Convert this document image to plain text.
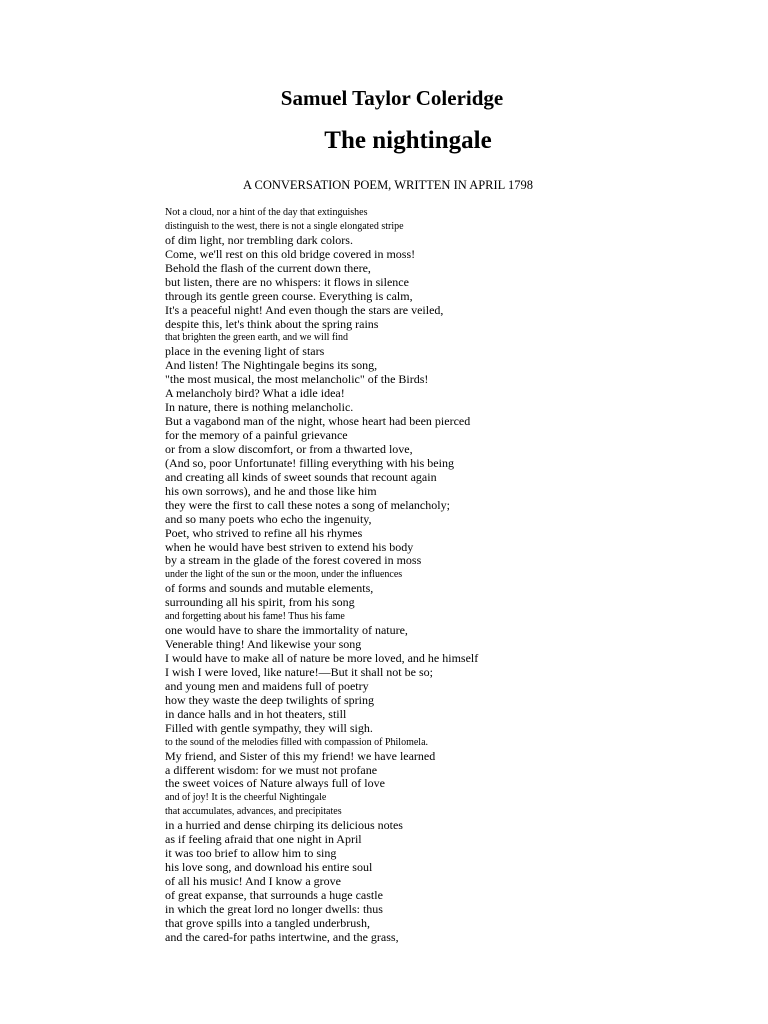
Samuel Taylor Coleridge
The nightingale
A CONVERSATION POEM, WRITTEN IN APRIL 1798
Not a cloud, nor a hint of the day that extinguishes
distinguish to the west, there is not a single elongated stripe
of dim light, nor trembling dark colors.
Come, we'll rest on this old bridge covered in moss!
Behold the flash of the current down there,
but listen, there are no whispers: it flows in silence
through its gentle green course. Everything is calm,
It's a peaceful night! And even though the stars are veiled,
despite this, let's think about the spring rains
that brighten the green earth, and we will find
place in the evening light of stars
And listen! The Nightingale begins its song,
"the most musical, the most melancholic" of the Birds!
A melancholy bird? What a idle idea!
In nature, there is nothing melancholic.
But a vagabond man of the night, whose heart had been pierced
for the memory of a painful grievance
or from a slow discomfort, or from a thwarted love,
(And so, poor Unfortunate! filling everything with his being
and creating all kinds of sweet sounds that recount again
his own sorrows), and he and those like him
they were the first to call these notes a song of melancholy;
and so many poets who echo the ingenuity,
Poet, who strived to refine all his rhymes
when he would have best striven to extend his body
by a stream in the glade of the forest covered in moss
under the light of the sun or the moon, under the influences
of forms and sounds and mutable elements,
surrounding all his spirit, from his song
and forgetting about his fame! Thus his fame
one would have to share the immortality of nature,
Venerable thing! And likewise your song
I would have to make all of nature be more loved, and he himself
I wish I were loved, like nature!—But it shall not be so;
and young men and maidens full of poetry
how they waste the deep twilights of spring
in dance halls and in hot theaters, still
Filled with gentle sympathy, they will sigh.
to the sound of the melodies filled with compassion of Philomela.
My friend, and Sister of this my friend! we have learned
a different wisdom: for we must not profane
the sweet voices of Nature always full of love
and of joy! It is the cheerful Nightingale
that accumulates, advances, and precipitates
in a hurried and dense chirping its delicious notes
as if feeling afraid that one night in April
it was too brief to allow him to sing
his love song, and download his entire soul
of all his music! And I know a grove
of great expanse, that surrounds a huge castle
in which the great lord no longer dwells: thus
that grove spills into a tangled underbrush,
and the cared-for paths intertwine, and the grass,
